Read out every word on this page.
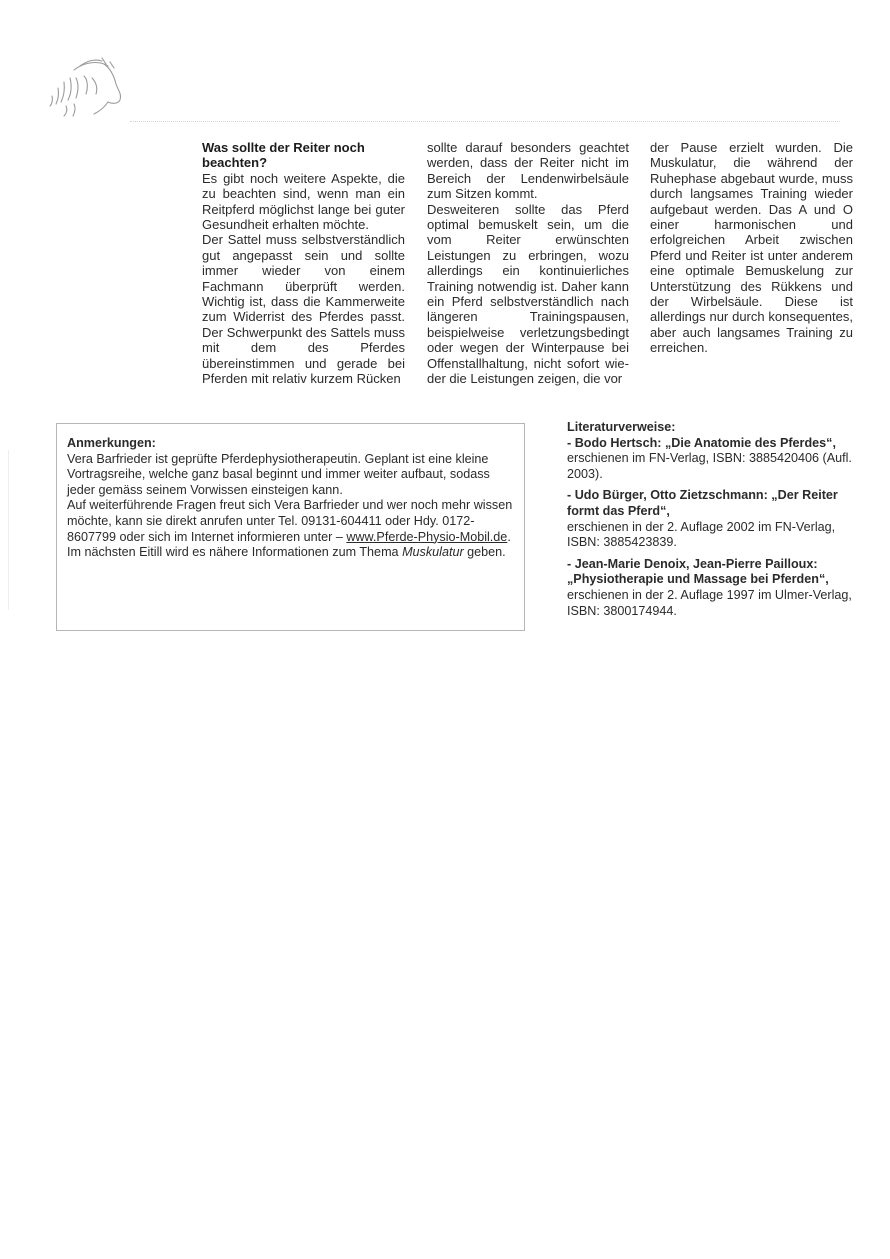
Was sollte der Reiter noch beachten?

Es gibt noch weitere Aspekte, die zu beachten sind, wenn man ein Reitpferd möglichst lange bei guter Gesundheit erhalten möchte.

Der Sattel muss selbstverständlich gut angepasst sein und sollte immer wieder von einem Fachmann überprüft werden. Wichtig ist, dass die Kammerweite zum Widerrist des Pferdes passt. Der Schwerpunkt des Sattels muss mit dem des Pferdes übereinstimmen und gerade bei Pferden mit relativ kurzem Rücken

sollte darauf besonders geachtet werden, dass der Reiter nicht im Bereich der Lendenwirbelsäule zum Sitzen kommt.

Desweiteren sollte das Pferd optimal bemuskelt sein, um die vom Reiter erwünschten Leistungen zu erbringen, wozu allerdings ein kontinuierliches Training notwendig ist. Daher kann ein Pferd selbstverständlich nach längeren Trainingspausen, beispielweise verletzungsbedingt oder wegen der Winterpause bei Offenstallhaltung, nicht sofort wieder die Leistungen zeigen, die vor

der Pause erzielt wurden. Die Muskulatur, die während der Ruhephase abgebaut wurde, muss durch langsames Training wieder aufgebaut werden. Das A und O einer harmonischen und erfolgreichen Arbeit zwischen Pferd und Reiter ist unter anderem eine optimale Bemuskelung zur Unterstützung des Rükkens und der Wirbelsäule. Diese ist allerdings nur durch konsequentes, aber auch langsames Training zu erreichen.

Anmerkungen:

Vera Barfrieder ist geprüfte Pferdephysiotherapeutin. Geplant ist eine kleine Vortragsreihe, welche ganz basal beginnt und immer weiter aufbaut, sodass jeder gemäss seinem Vorwissen einsteigen kann.

Auf weiterführende Fragen freut sich Vera Barfrieder und wer noch mehr wissen möchte, kann sie direkt anrufen unter Tel. 09131-604411 oder Hdy. 0172-8607799 oder sich im Internet informieren unter – www.Pferde-Physio-Mobil.de.

Im nächsten Eitill wird es nähere Informationen zum Thema Muskulatur geben.

Literaturverweise:

- Bodo Hertsch: „Die Anatomie des Pferdes“,
erschienen im FN-Verlag, ISBN: 3885420406 (Aufl. 2003).
- Udo Bürger, Otto Zietzschmann: „Der Reiter formt das Pferd“,
erschienen in der 2. Auflage 2002 im FN-Verlag, ISBN: 3885423839.
- Jean-Marie Denoix, Jean-Pierre Pailloux: „Physiotherapie und Massage bei Pferden“,
erschienen in der 2. Auflage 1997 im Ulmer-Verlag, ISBN: 3800174944.
